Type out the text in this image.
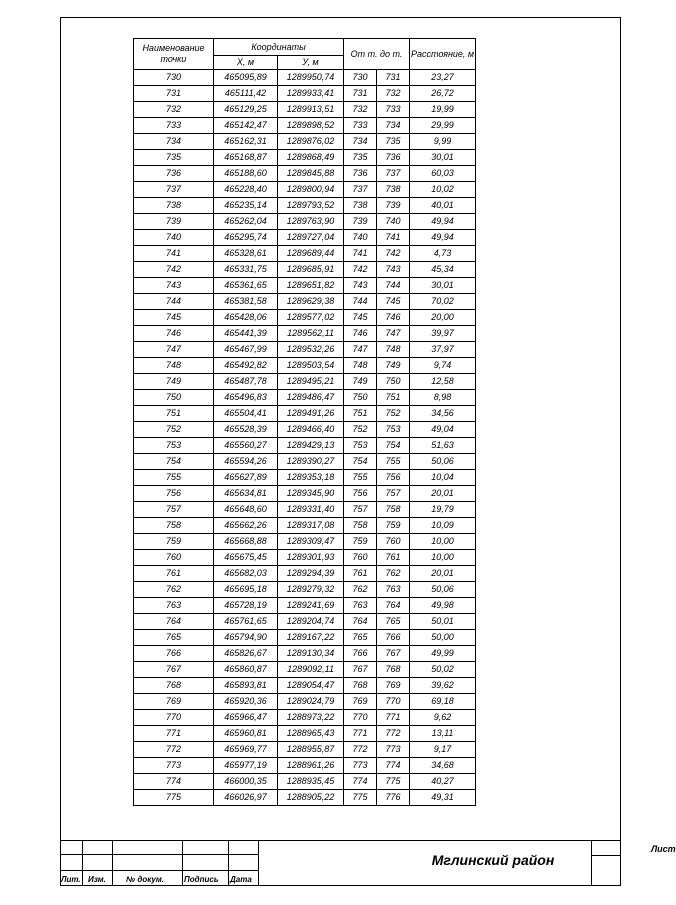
Наименование точки	Координаты		От т. до т.		Расстояние, м
	X, м	У, м			
730	465095,89	1289950,74	730	731	23,27
731	465111,42	1289933,41	731	732	26,72
732	465129,25	1289913,51	732	733	19,99
733	465142,47	1289898,52	733	734	29,99
734	465162,31	1289876,02	734	735	9,99
735	465168,87	1289868,49	735	736	30,01
736	465188,60	1289845,88	736	737	60,03
737	465228,40	1289800,94	737	738	10,02
738	465235,14	1289793,52	738	739	40,01
739	465262,04	1289763,90	739	740	49,94
740	465295,74	1289727,04	740	741	49,94
741	465328,61	1289689,44	741	742	4,73
742	465331,75	1289685,91	742	743	45,34
743	465361,65	1289651,82	743	744	30,01
744	465381,58	1289629,38	744	745	70,02
745	465428,06	1289577,02	745	746	20,00
746	465441,39	1289562,11	746	747	39,97
747	465467,99	1289532,26	747	748	37,97
748	465492,82	1289503,54	748	749	9,74
749	465487,78	1289495,21	749	750	12,58
750	465496,83	1289486,47	750	751	8,98
751	465504,41	1289491,26	751	752	34,56
752	465528,39	1289466,40	752	753	49,04
753	465560,27	1289429,13	753	754	51,63
754	465594,26	1289390,27	754	755	50,06
755	465627,89	1289353,18	755	756	10,04
756	465634,81	1289345,90	756	757	20,01
757	465648,60	1289331,40	757	758	19,79
758	465662,26	1289317,08	758	759	10,09
759	465668,88	1289309,47	759	760	10,00
760	465675,45	1289301,93	760	761	10,00
761	465682,03	1289294,39	761	762	20,01
762	465695,18	1289279,32	762	763	50,06
763	465728,19	1289241,69	763	764	49,98
764	465761,65	1289204,74	764	765	50,01
765	465794,90	1289167,22	765	766	50,00
766	465826,67	1289130,34	766	767	49,99
767	465860,87	1289092,11	767	768	50,02
768	465893,81	1289054,47	768	769	39,62
769	465920,36	1289024,79	769	770	69,18
770	465966,47	1288973,22	770	771	9,62
771	465960,81	1288965,43	771	772	13,11
772	465969,77	1288955,87	772	773	9,17
773	465977,19	1288961,26	773	774	34,68
774	466000,35	1288935,45	774	775	40,27
775	466026,97	1288905,22	775	776	49,31
Лит. Изм.	№ докум.	Подпись Дата
Мглинский район
Лист
